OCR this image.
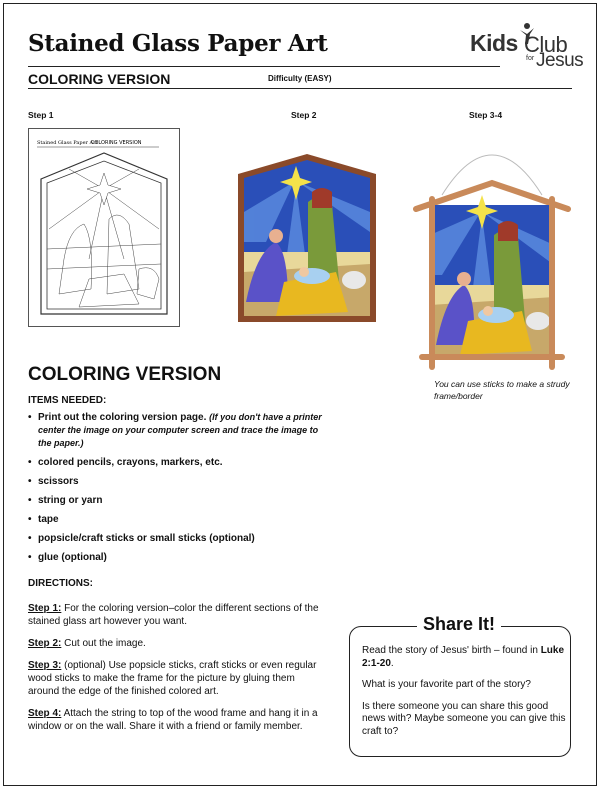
Stained Glass Paper Art	Kids Club
for Jesus
COLORING VERSION	Difficulty (EASY)
Step 1	Step 2	Step 3-4
Stained Glass Paper Art
COLORING VERSION
You can use sticks to make a strudy frame/border
COLORING VERSION
ITEMS NEEDED:
• Print out the coloring version page. (If you don't have a printer center the image on your computer screen and trace the image to the paper.)
• colored pencils, crayons, markers, etc.
• scissors
• string or yarn
• tape
• popsicle/craft sticks or small sticks (optional)
• glue (optional)
DIRECTIONS:

Step 1: For the coloring version–color the different sections of the stained glass art however you want.

Step 2: Cut out the image.

Step 3: (optional) Use popsicle sticks, craft sticks or even regular wood sticks to make the frame for the picture by gluing them around the edge of the finished colored art.

Step 4: Attach the string to top of the wood frame and hang it in a window or on the wall. Share it with a friend or family member.

Share It!

Read the story of Jesus' birth – found in Luke 2:1-20.

What is your favorite part of the story?

Is there someone you can share this good news with? Maybe someone you can give this craft to?
